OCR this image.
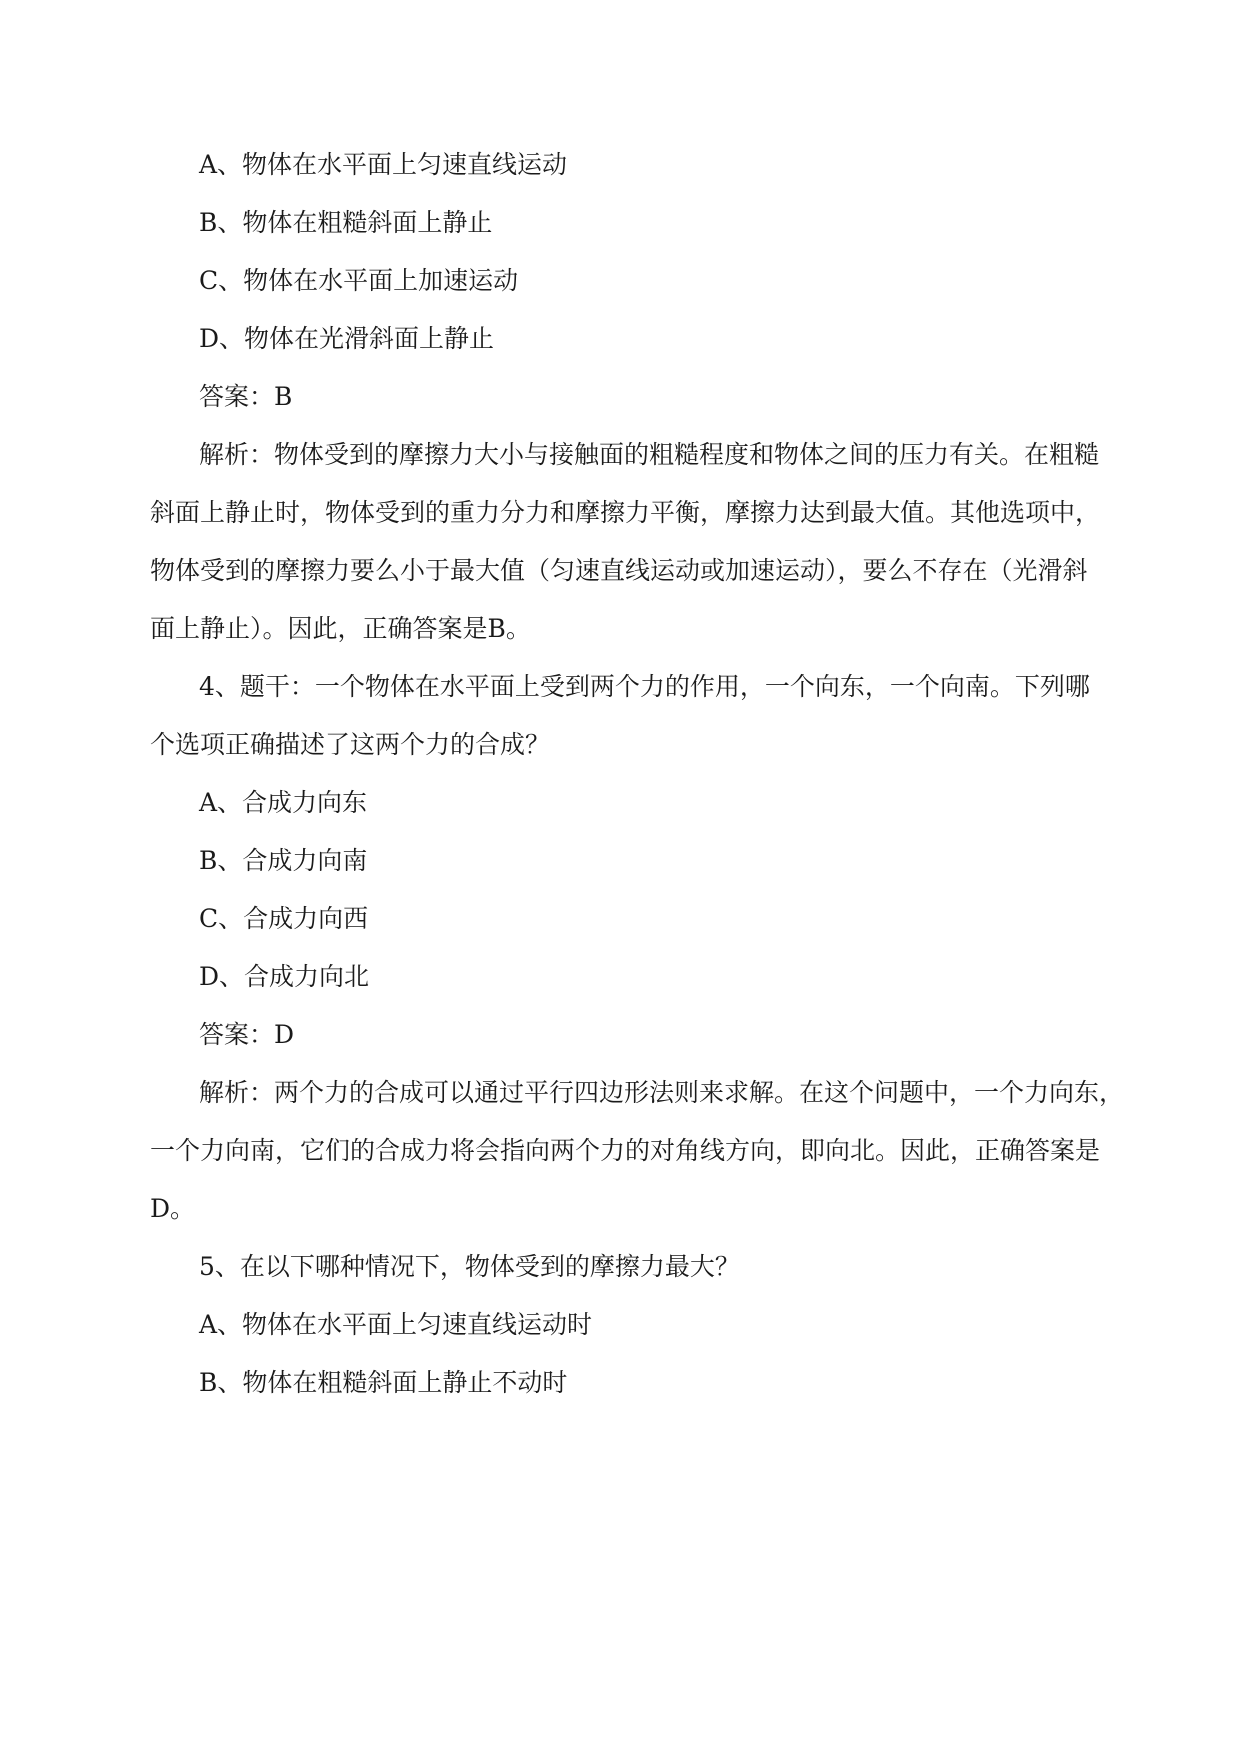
A、物体在水平面上匀速直线运动
B、物体在粗糙斜面上静止
C、物体在水平面上加速运动
D、物体在光滑斜面上静止
答案：B
解析：物体受到的摩擦力大小与接触面的粗糙程度和物体之间的压力有关。在粗糙
斜面上静止时，物体受到的重力分力和摩擦力平衡，摩擦力达到最大值。其他选项中，
物体受到的摩擦力要么小于最大值（匀速直线运动或加速运动），要么不存在（光滑斜
面上静止）。因此，正确答案是B。
4、题干：一个物体在水平面上受到两个力的作用，一个向东，一个向南。下列哪
个选项正确描述了这两个力的合成？
A、合成力向东
B、合成力向南
C、合成力向西
D、合成力向北
答案：D
解析：两个力的合成可以通过平行四边形法则来求解。在这个问题中，一个力向东，
一个力向南，它们的合成力将会指向两个力的对角线方向，即向北。因此，正确答案是
D。
5、在以下哪种情况下，物体受到的摩擦力最大？
A、物体在水平面上匀速直线运动时
B、物体在粗糙斜面上静止不动时
